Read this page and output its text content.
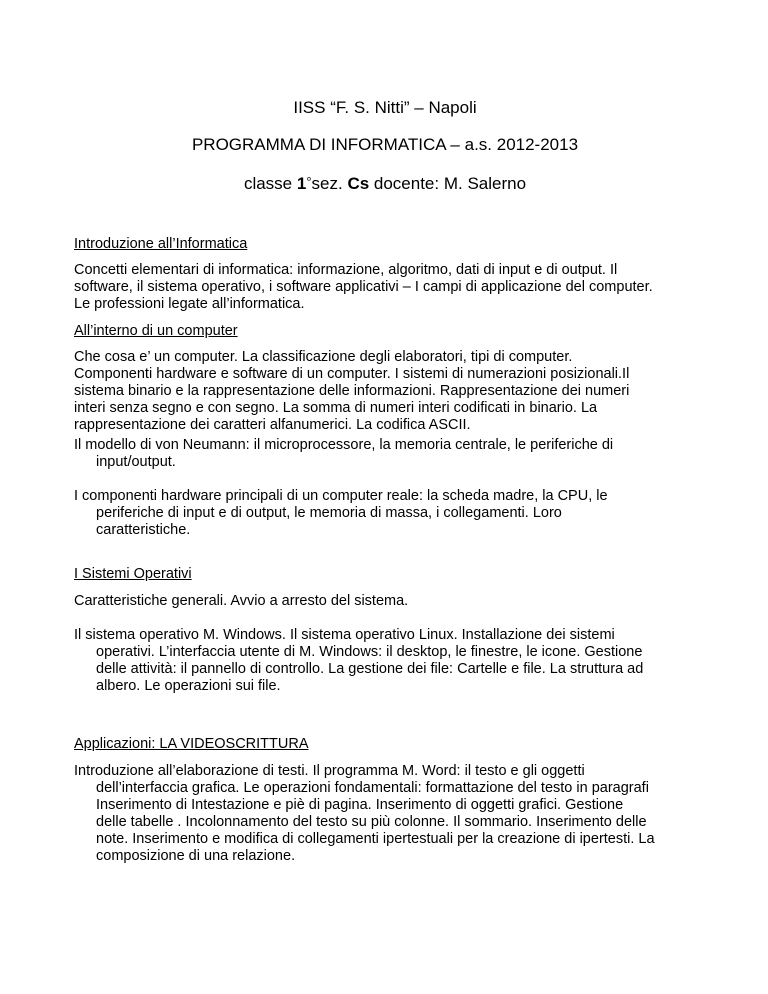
IISS “F. S. Nitti” – Napoli
PROGRAMMA DI INFORMATICA – a.s. 2012-2013
classe 1°sez. Cs docente: M. Salerno
Introduzione all’Informatica
Concetti elementari di informatica: informazione, algoritmo, dati di input e di output. Il
software, il sistema operativo, i software applicativi – I campi di applicazione del computer.
Le professioni legate all’informatica.
All’interno di un computer
Che cosa e’ un computer. La classificazione degli elaboratori, tipi di computer.
Componenti hardware e software di un computer. I sistemi di numerazioni posizionali.Il
sistema binario e la rappresentazione delle informazioni. Rappresentazione dei numeri
interi senza segno e con segno. La somma di numeri interi codificati in binario. La
rappresentazione dei caratteri alfanumerici. La codifica ASCII.
Il modello di von Neumann: il microprocessore, la memoria centrale, le periferiche di
input/output.
I componenti hardware principali di un computer reale: la scheda madre, la CPU, le
periferiche di input e di output, le memoria di massa, i collegamenti. Loro
caratteristiche.
I Sistemi Operativi
Caratteristiche generali. Avvio a arresto del sistema.
Il sistema operativo M. Windows. Il sistema operativo Linux. Installazione dei sistemi
operativi. L’interfaccia utente di M. Windows: il desktop, le finestre, le icone. Gestione
delle attività: il pannello di controllo. La gestione dei file: Cartelle e file. La struttura ad
albero. Le operazioni sui file.
Applicazioni: LA VIDEOSCRITTURA
Introduzione all’elaborazione di testi. Il programma M. Word: il testo e gli oggetti
dell’interfaccia grafica. Le operazioni fondamentali: formattazione del testo in paragrafi
Inserimento di Intestazione e piè di pagina. Inserimento di oggetti grafici. Gestione
delle tabelle . Incolonnamento del testo su più colonne. Il sommario. Inserimento delle
note. Inserimento e modifica di collegamenti ipertestuali per la creazione di ipertesti. La
composizione di una relazione.
